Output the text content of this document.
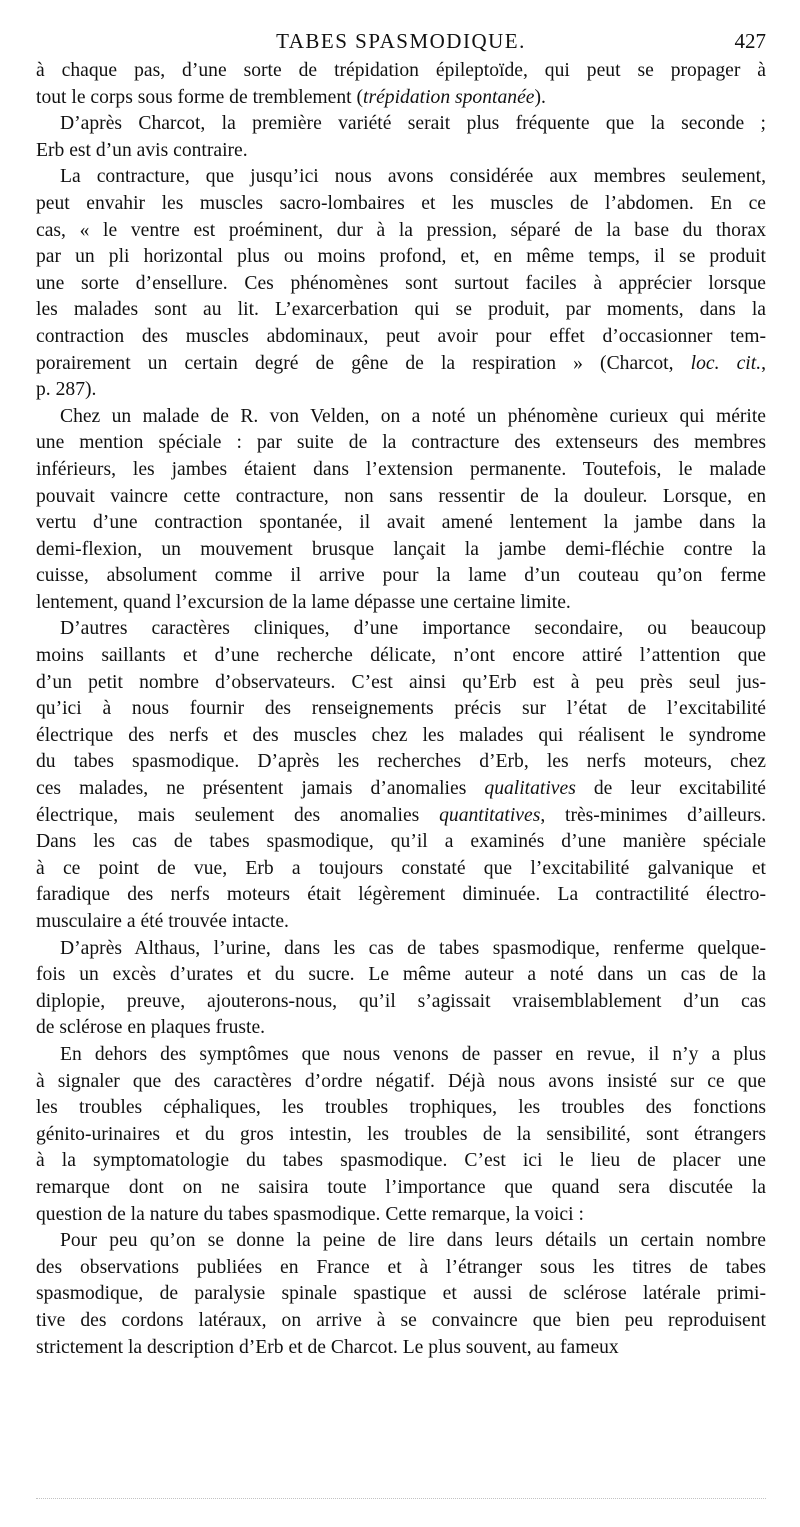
TABES SPASMODIQUE.	427
à chaque pas, d’une sorte de trépidation épileptoïde, qui peut se propager à
tout le corps sous forme de tremblement (trépidation spontanée).
D’après Charcot, la première variété serait plus fréquente que la seconde ;
Erb est d’un avis contraire.
La contracture, que jusqu’ici nous avons considérée aux membres seulement,
peut envahir les muscles sacro-lombaires et les muscles de l’abdomen. En ce
cas, « le ventre est proéminent, dur à la pression, séparé de la base du thorax
par un pli horizontal plus ou moins profond, et, en même temps, il se produit
une sorte d’ensellure. Ces phénomènes sont surtout faciles à apprécier lorsque
les malades sont au lit. L’exarcerbation qui se produit, par moments, dans la
contraction des muscles abdominaux, peut avoir pour effet d’occasionner tem-
porairement un certain degré de gêne de la respiration » (Charcot, loc. cit.,
p. 287).
Chez un malade de R. von Velden, on a noté un phénomène curieux qui mérite
une mention spéciale : par suite de la contracture des extenseurs des membres
inférieurs, les jambes étaient dans l’extension permanente. Toutefois, le malade
pouvait vaincre cette contracture, non sans ressentir de la douleur. Lorsque, en
vertu d’une contraction spontanée, il avait amené lentement la jambe dans la
demi-flexion, un mouvement brusque lançait la jambe demi-fléchie contre la
cuisse, absolument comme il arrive pour la lame d’un couteau qu’on ferme
lentement, quand l’excursion de la lame dépasse une certaine limite.
D’autres caractères cliniques, d’une importance secondaire, ou beaucoup
moins saillants et d’une recherche délicate, n’ont encore attiré l’attention que
d’un petit nombre d’observateurs. C’est ainsi qu’Erb est à peu près seul jus-
qu’ici à nous fournir des renseignements précis sur l’état de l’excitabilité
électrique des nerfs et des muscles chez les malades qui réalisent le syndrome
du tabes spasmodique. D’après les recherches d’Erb, les nerfs moteurs, chez
ces malades, ne présentent jamais d’anomalies qualitatives de leur excitabilité
électrique, mais seulement des anomalies quantitatives, très-minimes d’ailleurs.
Dans les cas de tabes spasmodique, qu’il a examinés d’une manière spéciale
à ce point de vue, Erb a toujours constaté que l’excitabilité galvanique et
faradique des nerfs moteurs était légèrement diminuée. La contractilité électro-
musculaire a été trouvée intacte.
D’après Althaus, l’urine, dans les cas de tabes spasmodique, renferme quelque-
fois un excès d’urates et du sucre. Le même auteur a noté dans un cas de la
diplopie, preuve, ajouterons-nous, qu’il s’agissait vraisemblablement d’un cas
de sclérose en plaques fruste.
En dehors des symptômes que nous venons de passer en revue, il n’y a plus
à signaler que des caractères d’ordre négatif. Déjà nous avons insisté sur ce que
les troubles céphaliques, les troubles trophiques, les troubles des fonctions
génito-urinaires et du gros intestin, les troubles de la sensibilité, sont étrangers
à la symptomatologie du tabes spasmodique. C’est ici le lieu de placer une
remarque dont on ne saisira toute l’importance que quand sera discutée la
question de la nature du tabes spasmodique. Cette remarque, la voici :
Pour peu qu’on se donne la peine de lire dans leurs détails un certain nombre
des observations publiées en France et à l’étranger sous les titres de tabes
spasmodique, de paralysie spinale spastique et aussi de sclérose latérale primi-
tive des cordons latéraux, on arrive à se convaincre que bien peu reproduisent
strictement la description d’Erb et de Charcot. Le plus souvent, au fameux
